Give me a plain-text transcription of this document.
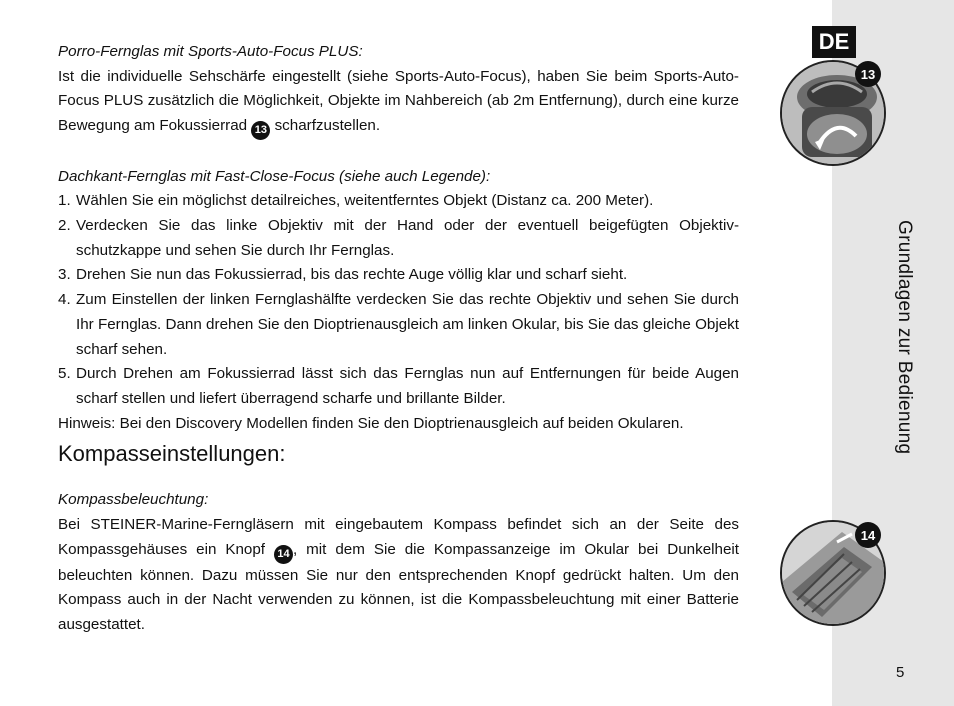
DE
13
Grundlagen zur Bedienung
14
5

Porro-Fernglas mit Sports-Auto-Focus PLUS:

Ist die individuelle Sehschärfe eingestellt (siehe Sports-Auto-Focus), haben Sie beim Sports-Auto-Focus PLUS zusätzlich die Möglichkeit, Objekte im Nahbereich (ab 2m Entfernung), durch eine kurze Bewegung am Fokussierrad 13 scharfzustellen.

Dachkant-Fernglas mit Fast-Close-Focus (siehe auch Legende):

1. Wählen Sie ein möglichst detailreiches, weitentferntes Objekt (Distanz ca. 200 Meter).
2. Verdecken Sie das linke Objektiv mit der Hand oder der eventuell beigefügten Objektiv-schutzkappe und sehen Sie durch Ihr Fernglas.
3. Drehen Sie nun das Fokussierrad, bis das rechte Auge völlig klar und scharf sieht.
4. Zum Einstellen der linken Fernglashälfte verdecken Sie das rechte Objektiv und sehen Sie durch Ihr Fernglas. Dann drehen Sie den Dioptrienausgleich am linken Okular, bis Sie das gleiche Objekt scharf sehen.
5. Durch Drehen am Fokussierrad lässt sich das Fernglas nun auf Entfernungen für beide Augen scharf stellen und liefert überragend scharfe und brillante Bilder.

Hinweis: Bei den Discovery Modellen finden Sie den Dioptrienausgleich auf beiden Okularen.

Kompasseinstellungen:

Kompassbeleuchtung:

Bei STEINER-Marine-Ferngläsern mit eingebautem Kompass befindet sich an der Seite des Kompassgehäuses ein Knopf 14 , mit dem Sie die Kompassanzeige im Okular bei Dunkelheit beleuchten können. Dazu müssen Sie nur den entsprechenden Knopf gedrückt halten. Um den Kompass auch in der Nacht verwenden zu können, ist die Kompassbeleuchtung mit einer Batterie ausgestattet.
